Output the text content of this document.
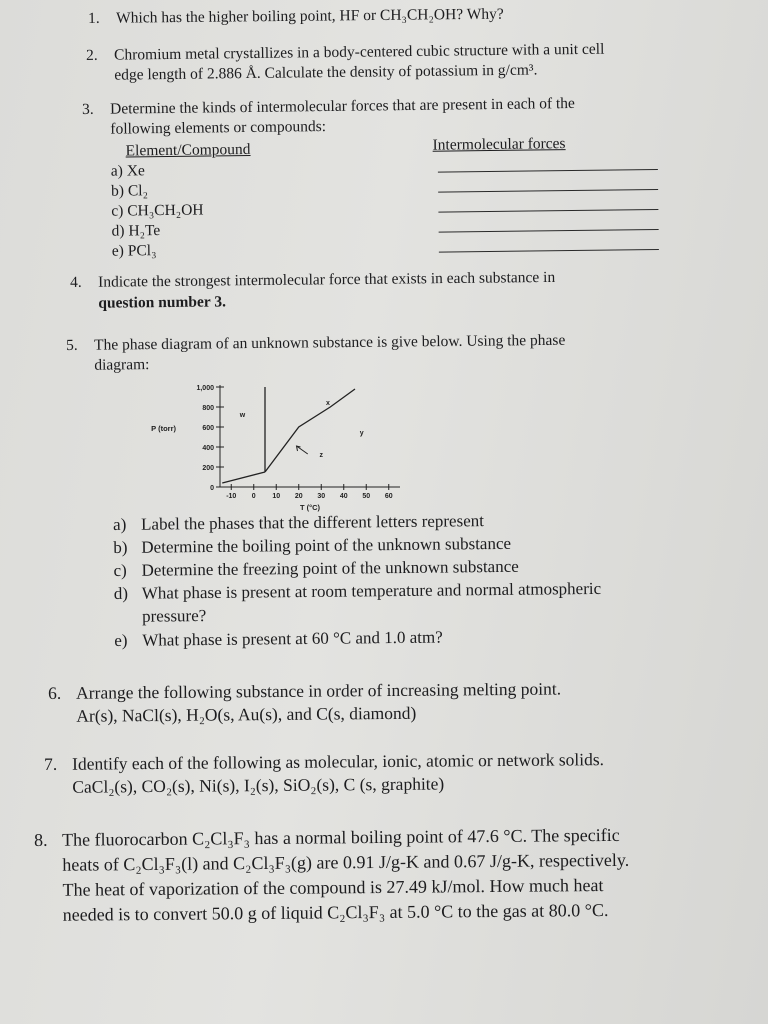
1. Which has the higher boiling point, HF or CH₃CH₂OH? Why?
2. Chromium metal crystallizes in a body-centered cubic structure with a unit cell
edge length of 2.886 Å. Calculate the density of potassium in g/cm³.
3. Determine the kinds of intermolecular forces that are present in each of the
following elements or compounds:
Element/Compound	Intermolecular forces
a) Xe
b) Cl₂
c) CH₃CH₂OH
d) H₂Te
e) PCl₃
4. Indicate the strongest intermolecular force that exists in each substance in
question number 3.
5. The phase diagram of an unknown substance is give below. Using the phase
diagram:
0
200
400
600
800
1,000
-10 0 10 20 30 40 50 60
P (torr)
T (°C)
w
x
y
z
a) Label the phases that the different letters represent
b) Determine the boiling point of the unknown substance
c) Determine the freezing point of the unknown substance
d) What phase is present at room temperature and normal atmospheric
pressure?
e) What phase is present at 60 °C and 1.0 atm?
6. Arrange the following substance in order of increasing melting point.
Ar(s), NaCl(s), H₂O(s, Au(s), and C(s, diamond)
7. Identify each of the following as molecular, ionic, atomic or network solids.
CaCl₂(s), CO₂(s), Ni(s), I₂(s), SiO₂(s), C (s, graphite)
8. The fluorocarbon C₂Cl₃F₃ has a normal boiling point of 47.6 °C. The specific
heats of C₂Cl₃F₃(l) and C₂Cl₃F₃(g) are 0.91 J/g-K and 0.67 J/g-K, respectively.
The heat of vaporization of the compound is 27.49 kJ/mol. How much heat
needed is to convert 50.0 g of liquid C₂Cl₃F₃ at 5.0 °C to the gas at 80.0 °C.
